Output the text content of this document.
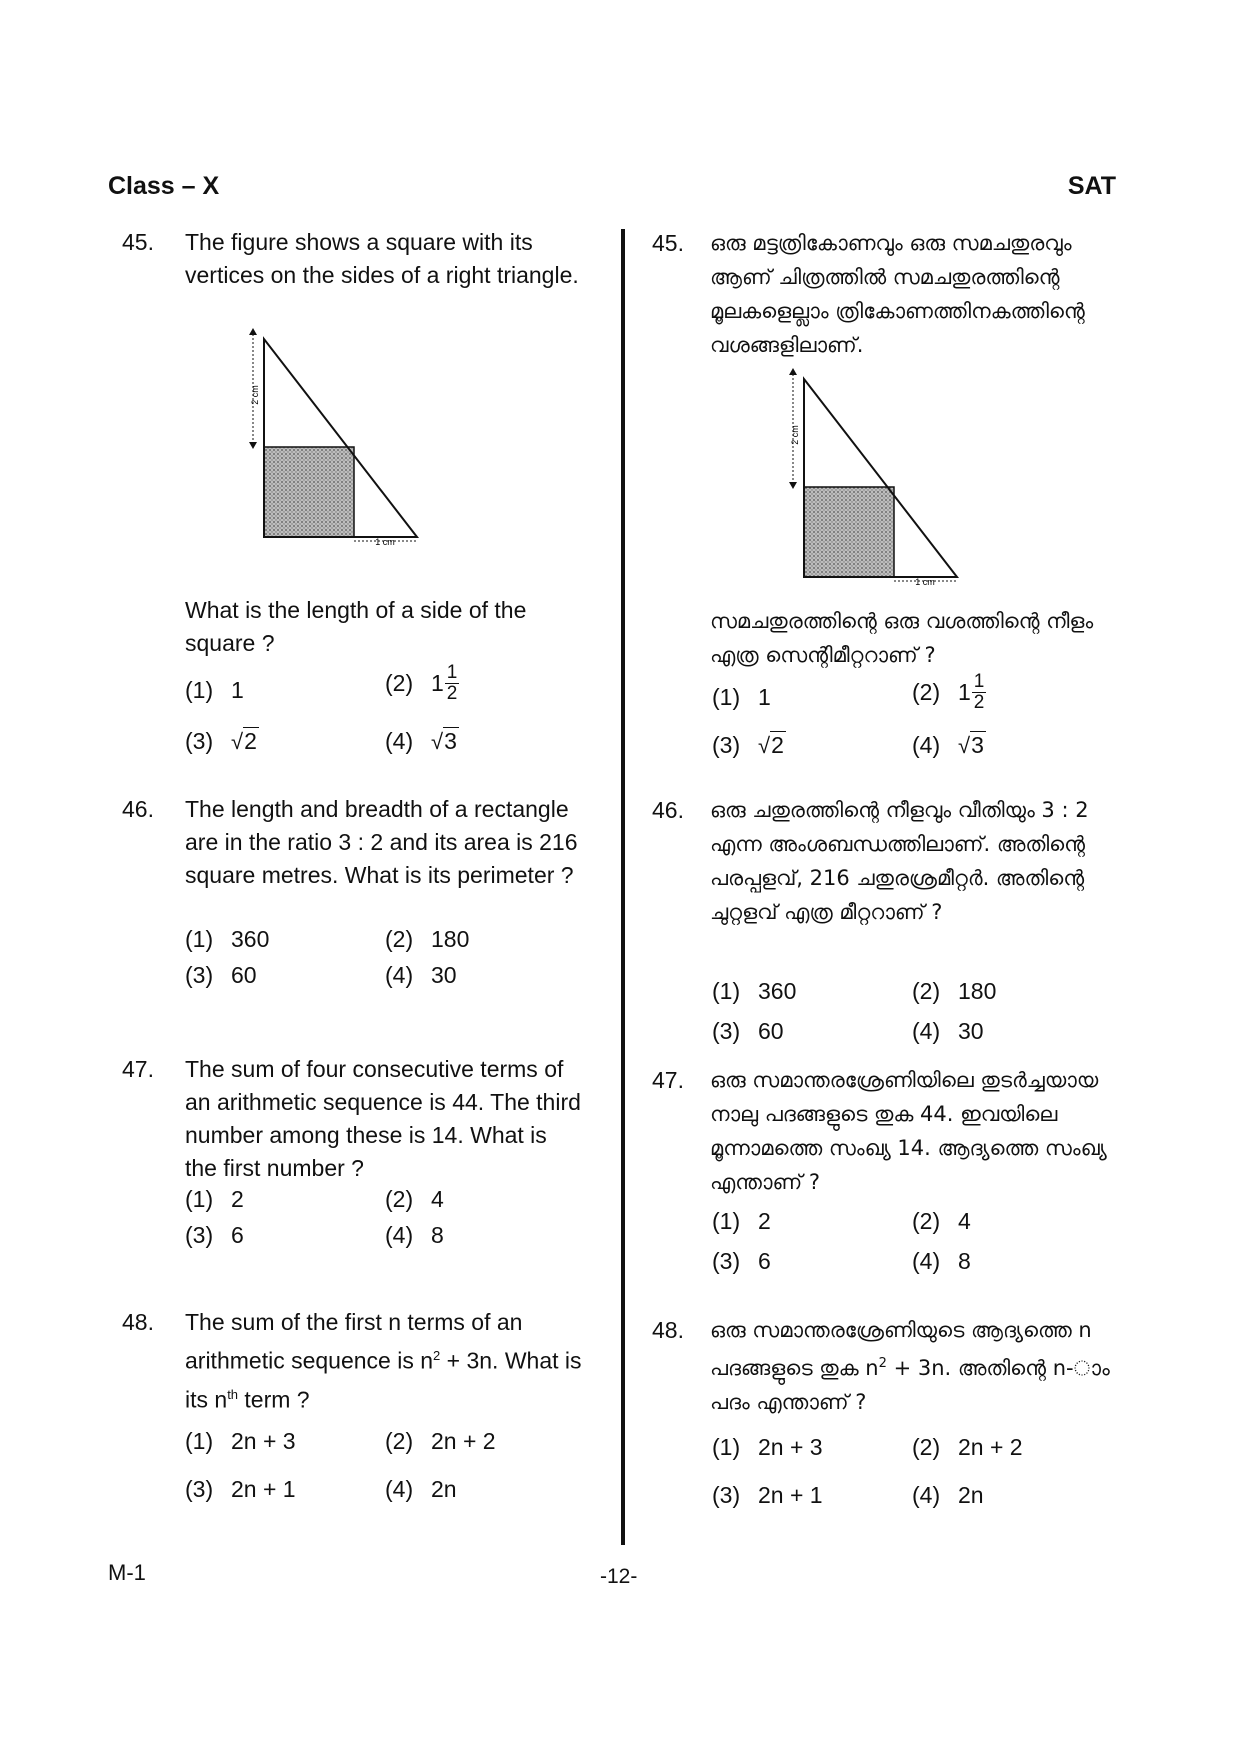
Class – X	SAT
45. The figure shows a square with its vertices on the sides of a right triangle.
2 cm
1 cm
What is the length of a side of the square ?
(1) 1	(2) $1 \frac{1}{2}$
(3) √2	(4) √3
46. The length and breadth of a rectangle are in the ratio 3 : 2 and its area is 216 square metres. What is its perimeter ?
(1) 360	(2) 180
(3) 60	(4) 30
47. The sum of four consecutive terms of an arithmetic sequence is 44. The third number among these is 14. What is the first number ?
(1) 2	(2) 4
(3) 6	(4) 8
48. The sum of the first n terms of an arithmetic sequence is $n^2 + 3n$. What is its $n^{th}$ term ?
(1) 2n + 3	(2) 2n + 2
(3) 2n + 1	(4) 2n
45. ഒരു മട്ടത്രികോണവും ഒരു സമചതുരവും ആണ് ചിത്രത്തിൽ സമചതുരത്തിന്റെ മൂലകളെല്ലാം ത്രികോണത്തിനകത്തിന്റെ വശങ്ങളിലാണ്.
2 cm
1 cm
സമചതുരത്തിന്റെ ഒരു വശത്തിന്റെ നീളം എത്ര സെന്റിമീറ്ററാണ് ?
(1) 1	(2) $1 \frac{1}{2}$
(3) √2	(4) √3
46. ഒരു ചതുരത്തിന്റെ നീളവും വീതിയും 3 : 2 എന്ന അംശബന്ധത്തിലാണ്. അതിന്റെ പരപ്പളവ്, 216 ചതുരശ്രമീറ്റർ. അതിന്റെ ചുറ്റളവ് എത്ര മീറ്ററാണ് ?
(1) 360	(2) 180
(3) 60	(4) 30
47. ഒരു സമാന്തരശ്രേണിയിലെ തുടർച്ചയായ നാലു പദങ്ങളുടെ തുക 44. ഇവയിലെ മൂന്നാമത്തെ സംഖ്യ 14. ആദ്യത്തെ സംഖ്യ എന്താണ് ?
(1) 2	(2) 4
(3) 6	(4) 8
48. ഒരു സമാന്തരശ്രേണിയുടെ ആദ്യത്തെ n പദങ്ങളുടെ തുക $n^2 + 3n$. അതിന്റെ n-ാം പദം എന്താണ് ?
(1) 2n + 3	(2) 2n + 2
(3) 2n + 1	(4) 2n
M-1	-12-
